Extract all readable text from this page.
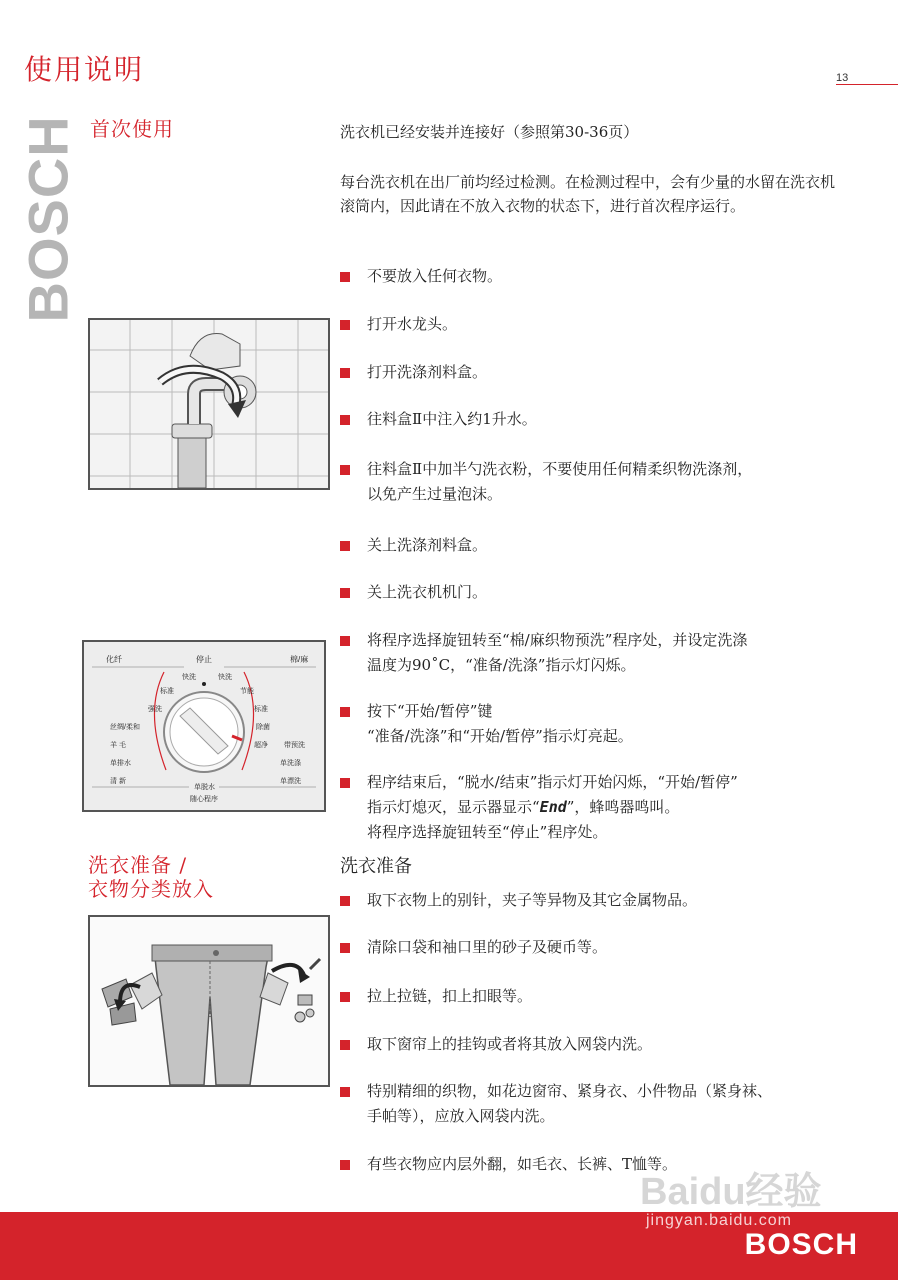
使用说明	13
BOSCH 首次使用	洗衣机已经安装并连接好（参照第30-36页）
每台洗衣机在出厂前均经过检测。在检测过程中，会有少量的水留在洗衣机滚筒内，因此请在不放入衣物的状态下，进行首次程序运行。
不要放入任何衣物。
打开水龙头。
打开洗涤剂料盒。
往料盒Ⅱ中注入约1升水。
往料盒Ⅱ中加半勺洗衣粉，不要使用任何精柔织物洗涤剂，
以免产生过量泡沫。
关上洗涤剂料盒。
关上洗衣机机门。
将程序选择旋钮转至“棉/麻织物预洗”程序处，并设定洗涤
温度为90˚C，“准备/洗涤”指示灯闪烁。
按下“开始/暂停”键
“准备/洗涤”和“开始/暂停”指示灯亮起。
程序结束后，“脱水/结束”指示灯开始闪烁，“开始/暂停”
指示灯熄灭，显示器显示“End”，蜂鸣器鸣叫。
将程序选择旋钮转至“停止”程序处。
化纤	停止	棉/麻
快洗
标准
强洗
丝绸/柔和
羊 毛
单排水
清 新
快洗
节能
标准
除菌
超净 带预洗
单洗涤
单漂洗
单脱水
随心程序
洗衣准备 /
衣物分类放入
洗衣准备
取下衣物上的别针，夹子等异物及其它金属物品。
清除口袋和袖口里的砂子及硬币等。
拉上拉链，扣上扣眼等。
取下窗帘上的挂钩或者将其放入网袋内洗。
特别精细的织物，如花边窗帘、紧身衣、小件物品（紧身袜、
手帕等），应放入网袋内洗。
有些衣物应内层外翻，如毛衣、长裤、T恤等。
Baidu经验
jingyan.baidu.com
BOSCH
